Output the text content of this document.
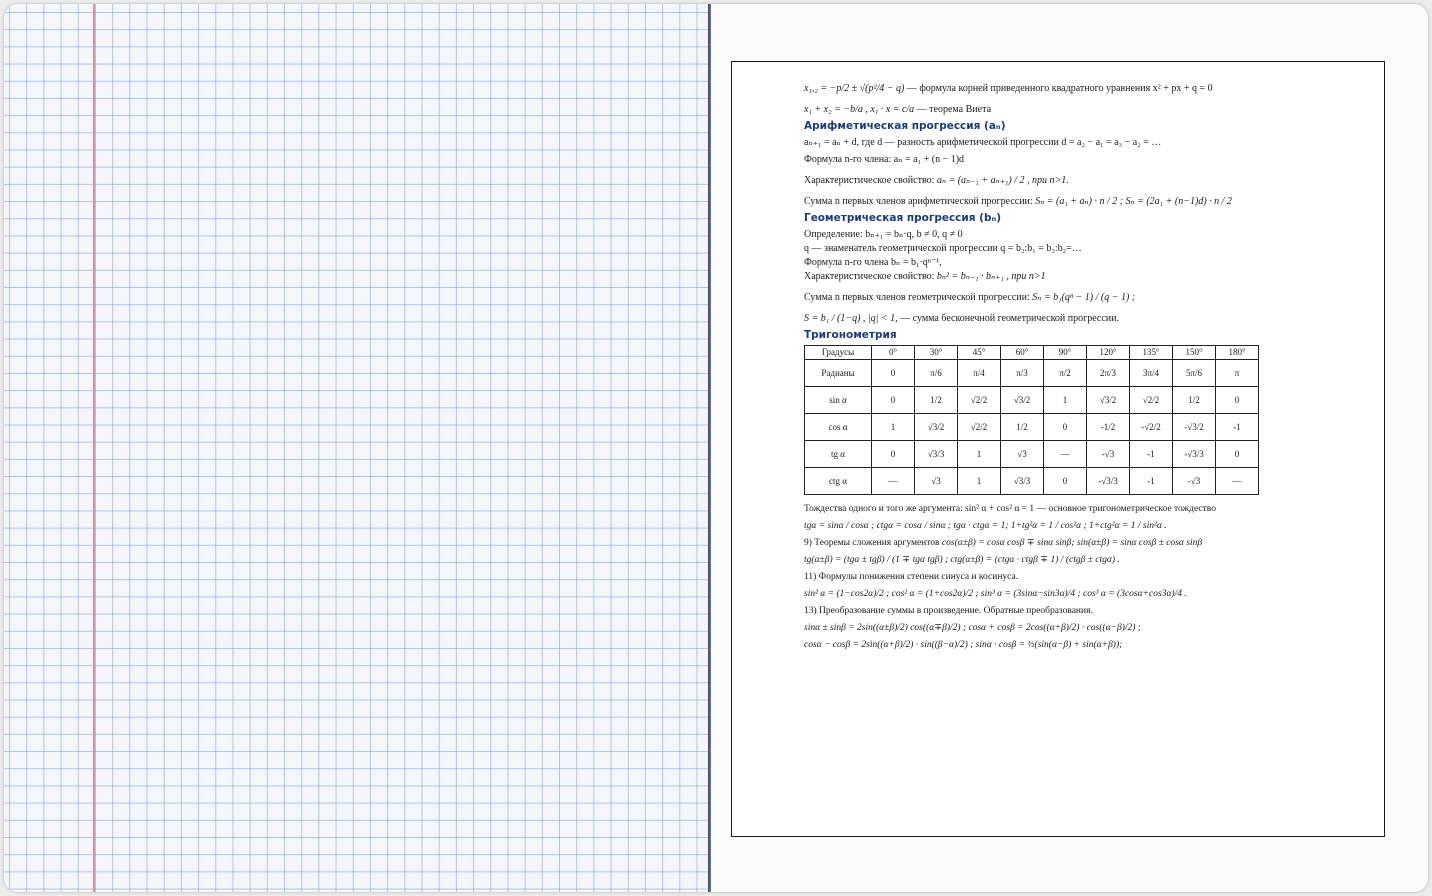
x₁,₂ = −p/2 ± √(p²/4 − q) — формула корней приведенного квадратного уравнения x² + px + q = 0
x₁ + x₂ = −b/a , x₁ · x = c/a — теорема Виета
Арифметическая прогрессия (aₙ)
aₙ₊₁ = aₙ + d, где d — разность арифметической прогрессии d = a₂ − a₁ = a₃ − a₂ = …
Формула n-го члена: aₙ = a₁ + (n − 1)d
Характеристическое свойство: aₙ = (aₙ₋₁ + aₙ₊₁) / 2 , при n>1.
Сумма n первых членов арифметической прогрессии: Sₙ = (a₁ + aₙ) · n / 2 ; Sₙ = (2a₁ + (n−1)d) · n / 2
Геометрическая прогрессия (bₙ)
Определение: bₙ₊₁ = bₙ·q, b ≠ 0, q ≠ 0
q — знаменатель геометрической прогрессии q = b₂:b₁ = b₃:b₂=…
Формула n-го члена bₙ = b₁·qⁿ⁻¹,
Характеристическое свойство: bₙ² = bₙ₋₁ · bₙ₊₁ , при n>1
Сумма n первых членов геометрической прогрессии: Sₙ = b₁(qⁿ − 1) / (q − 1) ;
S = b₁ / (1−q) , |q| < 1, — сумма бесконечной геометрической прогрессии.
Тригонометрия
Градусы	0°	30°	45°	60°	90°	120°	135°	150°	180°
Радианы	0	π/6	π/4	π/3	π/2	2π/3	3π/4	5π/6	π
sin α	0	1/2	√2/2	√3/2	1	√3/2	√2/2	1/2	0
cos α	1	√3/2	√2/2	1/2	0	-1/2	-√2/2	-√3/2	-1
tg α	0	√3/3	1	√3	—	-√3	-1	-√3/3	0
ctg α	—	√3	1	√3/3	0	-√3/3	-1	-√3	—
Тождества одного и того же аргумента: sin² α + cos² α = 1 — основное тригонометрическое тождество
tgα = sinα / cosα ; ctgα = cosα / sinα ; tgα · ctgα = 1; 1+tg²α = 1 / cos²α ; 1+ctg²α = 1 / sin²α .
9) Теоремы сложения аргументов cos(α±β) = cosα cosβ ∓ sinα sinβ; sin(α±β) = sinα cosβ ± cosα sinβ
tg(α±β) = (tgα ± tgβ) / (1 ∓ tgα tgβ) ; ctg(α±β) = (ctgα · ctgβ ∓ 1) / (ctgβ ± ctgα) .
11) Формулы понижения степени синуса и косинуса.
sin² α = (1−cos2α)/2 ; cos² α = (1+cos2α)/2 ; sin³ α = (3sinα−sin3α)/4 ; cos³ α = (3cosα+cos3α)/4 .
13) Преобразование суммы в произведение. Обратные преобразования.
sinα ± sinβ = 2sin((α±β)/2) cos((α∓β)/2) ; cosα + cosβ = 2cos((α+β)/2) · cos((α−β)/2) ;
cosα − cosβ = 2sin((α+β)/2) · sin((β−α)/2) ; sinα · cosβ = ½(sin(α−β) + sin(α+β));
